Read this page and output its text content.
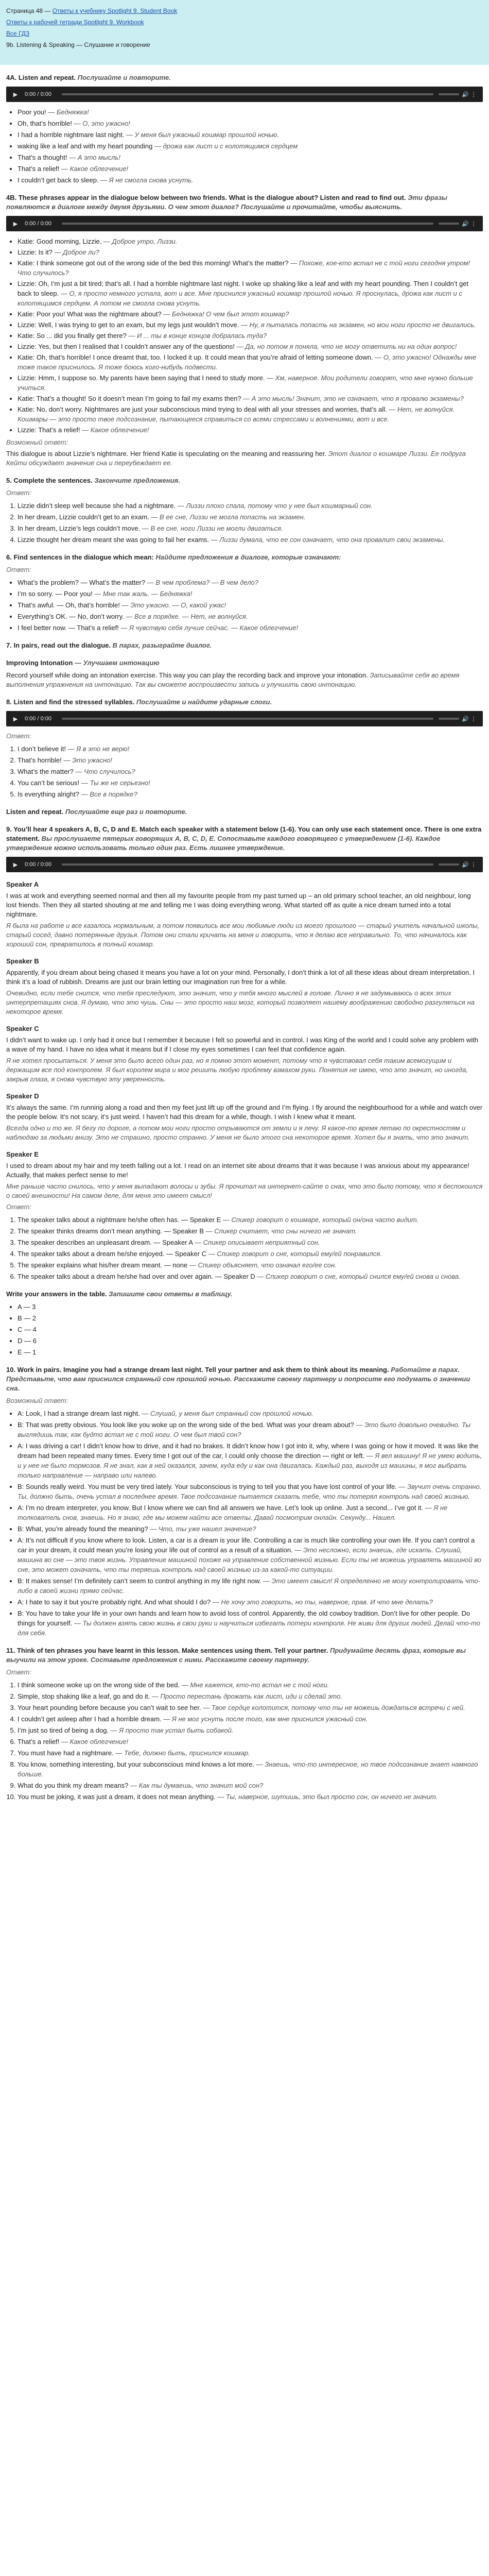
Страница 48 — Ответы к учебнику Spotlight 9. Student Book
Ответы к рабочей тетради Spotlight 9. Workbook
Все ГДЗ
9b. Listening & Speaking — Слушание и говорение
4A. Listen and repeat. Послушайте и повторите.
▶	0:00 / 0:00	🔊 ⋮
• Poor you! — Бедняжка!
• Oh, that’s horrible! — О, это ужасно!
• I had a horrible nightmare last night. — У меня был ужасный кошмар прошлой ночью.
• waking like a leaf and with my heart pounding — дрожа как лист и с колотящимся сердцем
• That’s a thought! — А это мысль!
• That’s a relief! — Какое облегчение!
• I couldn’t get back to sleep. — Я не смогла снова уснуть.
4B. These phrases appear in the dialogue below between two friends. What is the dialogue about? Listen and read to find out. Эти фразы появляются в диалоге между двумя друзьями. О чем этот диалог? Послушайте и прочитайте, чтобы выяснить.
▶	0:00 / 0:00	🔊 ⋮
• Katie: Good morning, Lizzie. — Доброе утро, Лиззи.
• Lizzie: Is it? — Доброе ли?
• Katie: I think someone got out of the wrong side of the bed this morning! What’s the matter? — Похоже, кое-кто встал не с той ноги сегодня утром! Что случилось?
• Lizzie: Oh, I’m just a bit tired; that’s all. I had a horrible nightmare last night. I woke up shaking like a leaf and with my heart pounding. Then I couldn’t get back to sleep. — О, я просто немного устала, вот и все. Мне приснился ужасный кошмар прошлой ночью. Я проснулась, дрожа как лист и с колотящимся сердцем. А потом не смогла снова уснуть.
• Katie: Poor you! What was the nightmare about? — Бедняжка! О чем был этот кошмар?
• Lizzie: Well, I was trying to get to an exam, but my legs just wouldn’t move. — Ну, я пыталась попасть на экзамен, но мои ноги просто не двигались.
• Katie: So ... did you finally get there? — И ... ты в конце концов добралась туда?
• Lizzie: Yes, but then I realised that I couldn’t answer any of the questions! — Да, но потом я поняла, что не могу ответить ни на один вопрос!
• Katie: Oh, that’s horrible! I once dreamt that, too. I locked it up. It could mean that you’re afraid of letting someone down. — О, это ужасно! Однажды мне тоже такое приснилось. Я тоже боюсь кого-нибудь подвести.
• Lizzie: Hmm, I suppose so. My parents have been saying that I need to study more. — Хм, наверное. Мои родители говорят, что мне нужно больше учиться.
• Katie: That’s a thought! So it doesn’t mean I’m going to fail my exams then? — А это мысль! Значит, это не означает, что я провалю экзамены?
• Katie: No, don’t worry. Nightmares are just your subconscious mind trying to deal with all your stresses and worries, that’s all. — Нет, не волнуйся. Кошмары — это просто твое подсознание, пытающееся справиться со всеми стрессами и волнениями, вот и все.
• Lizzie: That’s a relief! — Какое облегчение!

Возможный ответ:

This dialogue is about Lizzie’s nightmare. Her friend Katie is speculating on the meaning and reassuring her. Этот диалог о кошмаре Лиззи. Ее подруга Кейти обсуждает значение сна и переубеждает ее.

5. Complete the sentences. Закончите предложения.

Ответ:

1. Lizzie didn’t sleep well because she had a nightmare. — Лиззи плохо спала, потому что у нее был кошмарный сон.
2. In her dream, Lizzie couldn’t get to an exam. — В ее сне, Лиззи не могла попасть на экзамен.
3. In her dream, Lizzie’s legs couldn’t move. — В ее сне, ноги Лиззи не могли двигаться.
4. Lizzie thought her dream meant she was going to fail her exams. — Лиззи думала, что ее сон означает, что она провалит свои экзамены.
6. Find sentences in the dialogue which mean: Найдите предложения в диалоге, которые означают:

Ответ:

• What’s the problem? — What’s the matter? — В чем проблема? — В чем дело?
• I’m so sorry. — Poor you! — Мне так жаль. — Бедняжка!
• That’s awful. — Oh, that’s horrible! — Это ужасно. — О, какой ужас!
• Everything’s OK. — No, don’t worry. — Все в порядке. — Нет, не волнуйся.
• I feel better now. — That’s a relief! — Я чувствую себя лучше сейчас. — Какое облегчение!
7. In pairs, read out the dialogue. В парах, разыграйте диалог.
Improving Intonation — Улучшаем интонацию

Record yourself while doing an intonation exercise. This way you can play the recording back and improve your intonation. Записывайте себя во время выполнения упражнения на интонацию. Так вы сможете воспроизвести запись и улучшить свою интонацию.

8. Listen and find the stressed syllables. Послушайте и найдите ударные слоги.
▶	0:00 / 0:00	🔊 ⋮

Ответ:

1. I don’t believe it! — Я в это не верю!
2. That’s horrible! — Это ужасно!
3. What’s the matter? — Что случилось?
4. You can’t be serious! — Ты же не серьезно!
5. Is everything alright? — Все в порядке?
Listen and repeat. Послушайте еще раз и повторите.
9. You’ll hear 4 speakers A, B, C, D and E. Match each speaker with a statement below (1-6). You can only use each statement once. There is one extra statement. Вы прослушаете пятерых говорящих A, B, C, D, E. Сопоставьте каждого говорящего с утверждением (1-6). Каждое утверждение можно использовать только один раз. Есть лишнее утверждение.
▶	0:00 / 0:00	🔊 ⋮
Speaker A

I was at work and everything seemed normal and then all my favourite people from my past turned up – an old primary school teacher, an old neighbour, long lost friends. Then they all started shouting at me and telling me I was doing everything wrong. What started off as quite a nice dream turned into a total nightmare.

Я была на работе и все казалось нормальным, а потом появились все мои любимые люди из моего прошлого — старый учитель начальной школы, старый сосед, давно потерянные друзья. Потом они стали кричать на меня и говорить, что я делаю все неправильно. То, что начиналось как хороший сон, превратилось в полный кошмар.

Speaker B

Apparently, if you dream about being chased it means you have a lot on your mind. Personally, I don’t think a lot of all these ideas about dream interpretation. I think it’s a load of rubbish. Dreams are just our brain letting our imagination run free for a while.

Очевидно, если тебе снится, что тебя преследуют, это значит, что у тебя много мыслей в голове. Лично я не задумываюсь о всех этих интерпретациях снов. Я думаю, что это чушь. Сны — это просто наш мозг, который позволяет нашему воображению свободно разгуляться на некоторое время.

Speaker C

I didn’t want to wake up. I only had it once but I remember it because I felt so powerful and in control. I was King of the world and I could solve any problem with a wave of my hand. I have no idea what it means but if I close my eyes sometimes I can feel that confidence again.

Я не хотел просыпаться. У меня это было всего один раз, но я помню этот момент, потому что я чувствовал себя таким всемогущим и держащим все под контролем. Я был королем мира и мог решить любую проблему взмахом руки. Понятия не имею, что это значит, но иногда, закрыв глаза, я снова чувствую эту уверенность.

Speaker D

It’s always the same. I’m running along a road and then my feet just lift up off the ground and I’m flying. I fly around the neighbourhood for a while and watch over the people below. It’s not scary, it’s just weird. I haven’t had this dream for a while, though. I wish I knew what it meant.

Всегда одно и то же. Я бегу по дороге, а потом мои ноги просто отрываются от земли и я лечу. Я какое-то время летаю по окрестностям и наблюдаю за людьми внизу. Это не страшно, просто странно. У меня не было этого сна некоторое время. Хотел бы я знать, что это значит.

Speaker E

I used to dream about my hair and my teeth falling out a lot. I read on an internet site about dreams that it was because I was anxious about my appearance! Actually, that makes perfect sense to me!

Мне раньше часто снилось, что у меня выпадают волосы и зубы. Я прочитал на интернет-сайте о снах, что это было потому, что я беспокоился о своей внешности! На самом деле, для меня это имеет смысл!

Ответ:

1. The speaker talks about a nightmare he/she often has. — Speaker E — Спикер говорит о кошмаре, который он/она часто видит.
2. The speaker thinks dreams don’t mean anything. — Speaker B — Спикер считает, что сны ничего не значат.
3. The speaker describes an unpleasant dream. — Speaker A — Спикер описывает неприятный сон.
4. The speaker talks about a dream he/she enjoyed. — Speaker C — Спикер говорит о сне, который ему/ей понравился.
5. The speaker explains what his/her dream meant. — none — Спикер объясняет, что означал его/ее сон.
6. The speaker talks about a dream he/she had over and over again. — Speaker D — Спикер говорит о сне, который снился ему/ей снова и снова.
Write your answers in the table. Запишите свои ответы в таблицу.
• A — 3
• B — 2
• C — 4
• D — 6
• E — 1
10. Work in pairs. Imagine you had a strange dream last night. Tell your partner and ask them to think about its meaning. Работайте в парах. Представьте, что вам приснился странный сон прошлой ночью. Расскажите своему партнеру и попросите его подумать о значении сна.

Возможный ответ:

• A: Look, I had a strange dream last night. — Слушай, у меня был странный сон прошлой ночью.
• B: That was pretty obvious. You look like you woke up on the wrong side of the bed. What was your dream about? — Это было довольно очевидно. Ты выглядишь так, как будто встал не с той ноги. О чем был твой сон?
• A: I was driving a car! I didn’t know how to drive, and it had no brakes. It didn’t know how I got into it, why, where I was going or how it moved. It was like the dream had been repeated many times. Every time I got out of the car, I could only choose the direction — right or left. — Я вел машину! Я не умею водить, и у нее не было тормозов. Я не знал, как в ней оказался, зачем, куда еду и как она двигалась. Каждый раз, выходя из машины, я мог выбрать только направление — направо или налево.
• B: Sounds really weird. You must be very tired lately. Your subconscious is trying to tell you that you have lost control of your life. — Звучит очень странно. Ты, должно быть, очень устал в последнее время. Твое подсознание пытается сказать тебе, что ты потерял контроль над своей жизнью.
• A: I’m no dream interpreter, you know. But I know where we can find all answers we have. Let’s look up online. Just a second... I’ve got it. — Я не толкователь снов, знаешь. Но я знаю, где мы можем найти все ответы. Давай посмотрим онлайн. Секунду... Нашел.
• B: What, you’re already found the meaning? — Что, ты уже нашел значение?
• A: It’s not difficult if you know where to look. Listen, a car is a dream is your life. Controlling a car is much like controlling your own life. If you can’t control a car in your dream, it could mean you’re losing your life out of control as a result of a situation. — Это несложно, если знаешь, где искать. Слушай, машина во сне — это твоя жизнь. Управление машиной похоже на управление собственной жизнью. Если ты не можешь управлять машиной во сне, это может означать, что ты теряешь контроль над своей жизнью из-за какой-то ситуации.
• B: It makes sense! I’m definitely can’t seem to control anything in my life right now. — Это имеет смысл! Я определенно не могу контролировать что-либо в своей жизни прямо сейчас.
• A: I hate to say it but you’re probably right. And what should I do? — Не хочу это говорить, но ты, наверное, прав. И что мне делать?
• B: You have to take your life in your own hands and learn how to avoid loss of control. Apparently, the old cowboy tradition. Don’t live for other people. Do things for yourself. — Ты должен взять свою жизнь в свои руки и научиться избегать потери контроля. Не живи для других людей. Делай что-то для себя.
11. Think of ten phrases you have learnt in this lesson. Make sentences using them. Tell your partner. Придумайте десять фраз, которые вы выучили на этом уроке. Составьте предложения с ними. Расскажите своему партнеру.

Ответ:

1. I think someone woke up on the wrong side of the bed. — Мне кажется, кто-то встал не с той ноги.
2. Simple, stop shaking like a leaf, go and do it. — Просто перестань дрожать как лист, иди и сделай это.
3. Your heart pounding before because you can’t wait to see her. — Твое сердце колотится, потому что ты не можешь дождаться встречи с ней.
4. I couldn’t get asleep after I had a horrible dream. — Я не мог уснуть после того, как мне приснился ужасный сон.
5. I’m just so tired of being a dog. — Я просто так устал быть собакой.
6. That’s a relief! — Какое облегчение!
7. You must have had a nightmare. — Тебе, должно быть, приснился кошмар.
8. You know, something interesting, but your subconscious mind knows a lot more. — Знаешь, что-то интересное, но твое подсознание знает намного больше.
9. What do you think my dream means? — Как ты думаешь, что значит мой сон?
10. You must be joking, it was just a dream, it does not mean anything. — Ты, наверное, шутишь, это был просто сон, он ничего не значит.
